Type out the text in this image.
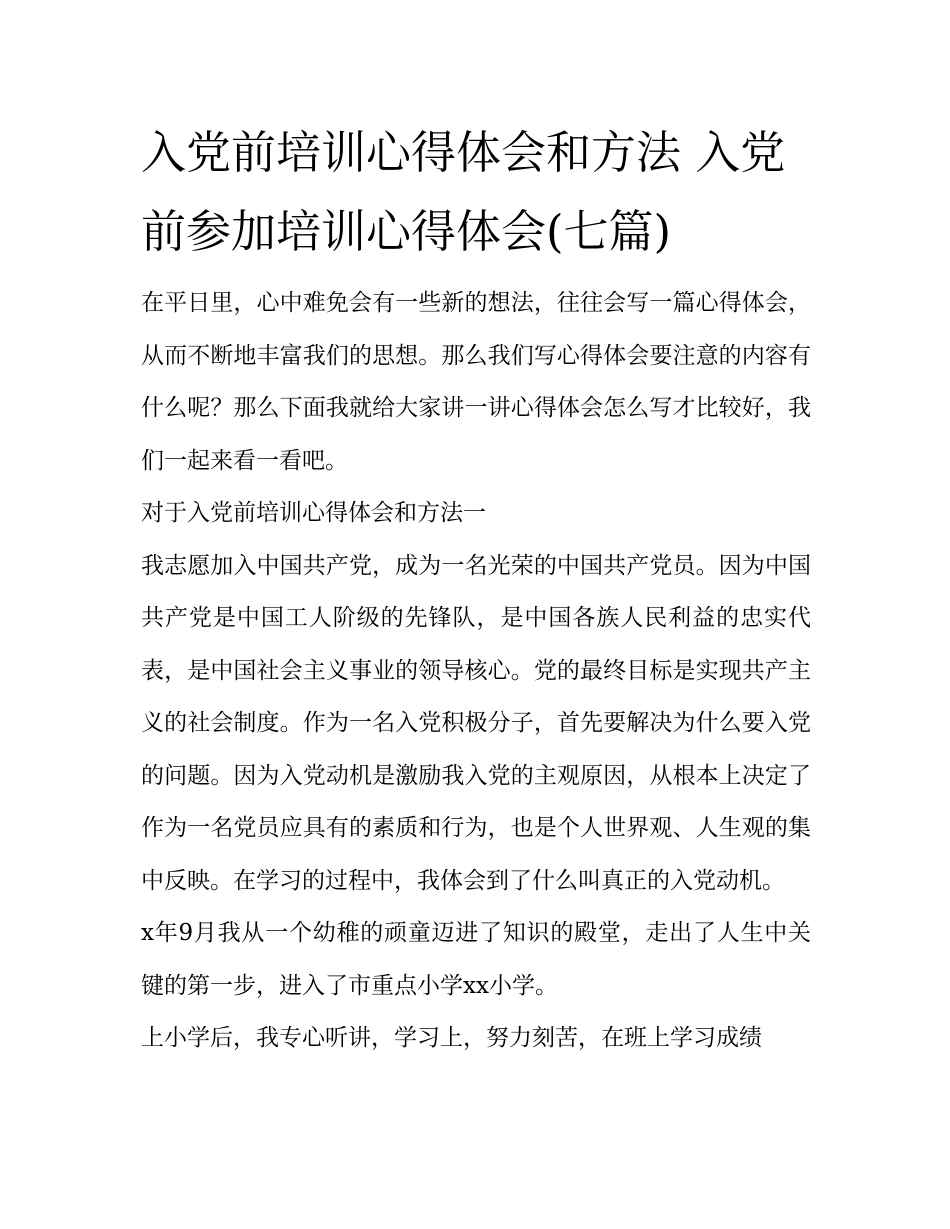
入党前培训心得体会和方法 入党前参加培训心得体会(七篇)

在平日里，心中难免会有一些新的想法，往往会写一篇心得体会，从而不断地丰富我们的思想。那么我们写心得体会要注意的内容有什么呢？那么下面我就给大家讲一讲心得体会怎么写才比较好，我们一起来看一看吧。

对于入党前培训心得体会和方法一

我志愿加入中国共产党，成为一名光荣的中国共产党员。因为中国共产党是中国工人阶级的先锋队，是中国各族人民利益的忠实代表，是中国社会主义事业的领导核心。党的最终目标是实现共产主义的社会制度。作为一名入党积极分子，首先要解决为什么要入党的问题。因为入党动机是激励我入党的主观原因，从根本上决定了作为一名党员应具有的素质和行为，也是个人世界观、人生观的集中反映。在学习的过程中，我体会到了什么叫真正的入党动机。

x年9月我从一个幼稚的顽童迈进了知识的殿堂，走出了人生中关键的第一步，进入了市重点小学xx小学。

上小学后，我专心听讲，学习上，努力刻苦，在班上学习成绩
